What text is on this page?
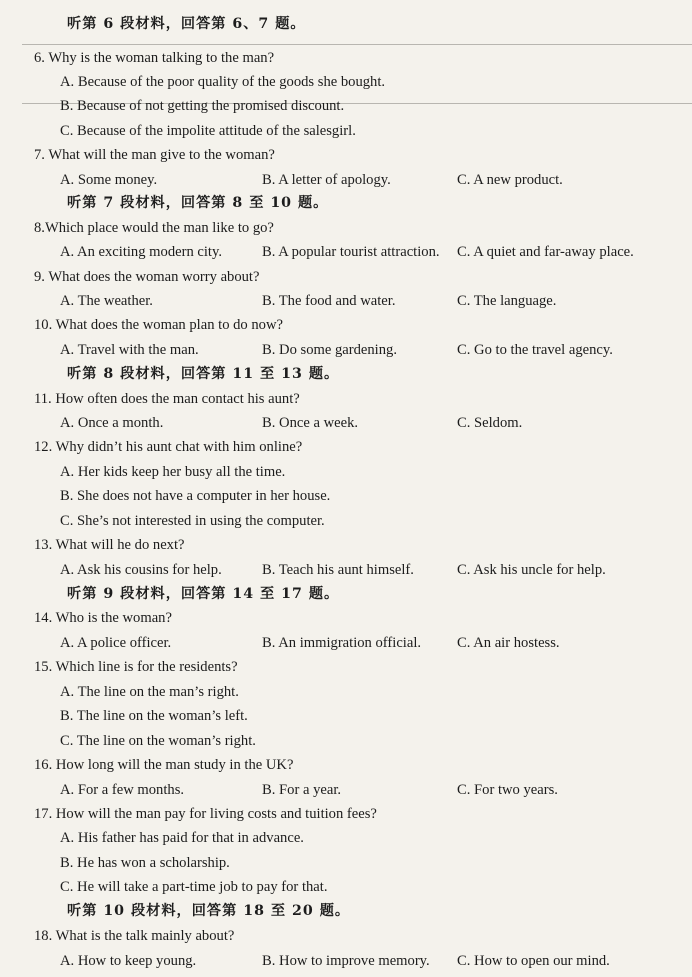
听第 6 段材料，回答第 6、7 题。
6. Why is the woman talking to the man?
A. Because of the poor quality of the goods she bought.
B. Because of not getting the promised discount.
C. Because of the impolite attitude of the salesgirl.
7. What will the man give to the woman?
A. Some money.	B. A letter of apology.	C. A new product.
听第 7 段材料，回答第 8 至 10 题。
8.Which place would the man like to go?
A. An exciting modern city.	B. A popular tourist attraction. C. A quiet and far-away place.
9. What does the woman worry about?
A. The weather.	B. The food and water.	C. The language.
10. What does the woman plan to do now?
A. Travel with the man.	B. Do some gardening.	C. Go to the travel agency.
听第 8 段材料，回答第 11 至 13 题。
11. How often does the man contact his aunt?
A. Once a month.	B. Once a week.	C. Seldom.
12. Why didn’t his aunt chat with him online?
A. Her kids keep her busy all the time.
B. She does not have a computer in her house.
C. She’s not interested in using the computer.
13. What will he do next?
A. Ask his cousins for help.	B. Teach his aunt himself.	C. Ask his uncle for help.
听第 9 段材料，回答第 14 至 17 题。
14. Who is the woman?
A. A police officer.	B. An immigration official. C. An air hostess.
15. Which line is for the residents?
A. The line on the man’s right.
B. The line on the woman’s left.
C. The line on the woman’s right.
16. How long will the man study in the UK?
A. For a few months.	B. For a year.	C. For two years.
17. How will the man pay for living costs and tuition fees?
A. His father has paid for that in advance.
B. He has won a scholarship.
C. He will take a part-time job to pay for that.
听第 10 段材料，回答第 18 至 20 题。
18. What is the talk mainly about?
A. How to keep young.	B. How to improve memory. C. How to open our mind.
